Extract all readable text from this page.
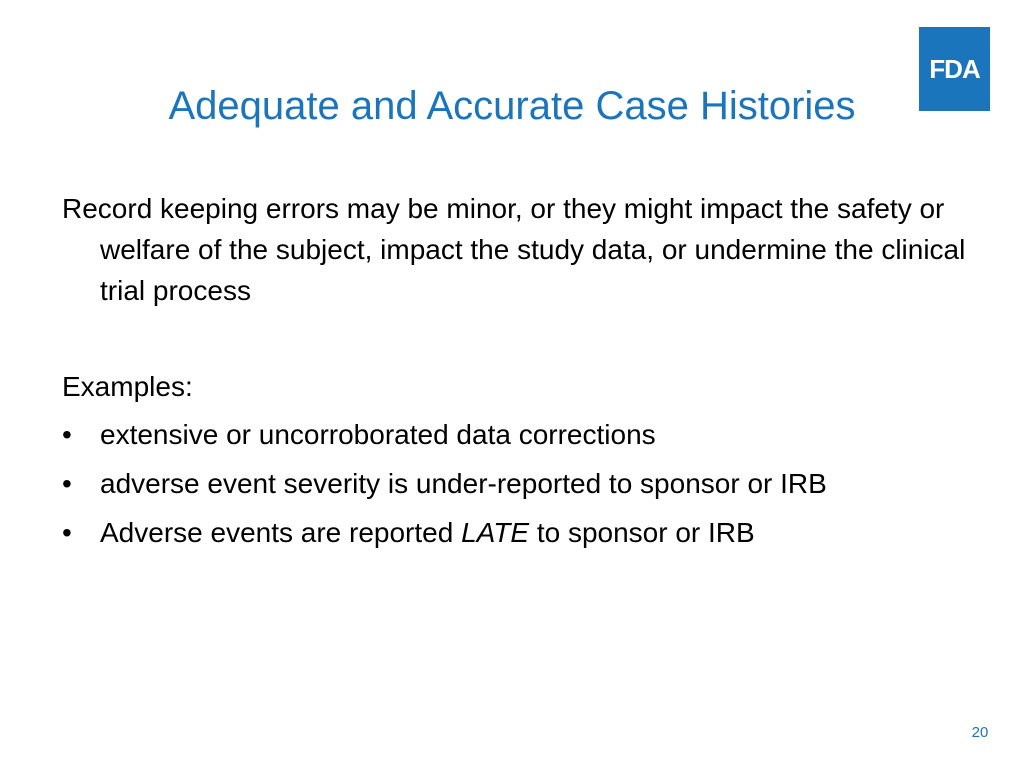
FDA
Adequate and Accurate Case Histories

Record keeping errors may be minor, or they might impact the safety or welfare of the subject, impact the study data, or undermine the clinical trial process

Examples:

• extensive or uncorroborated data corrections
• adverse event severity is under-reported to sponsor or IRB
• Adverse events are reported LATE to sponsor or IRB
20
